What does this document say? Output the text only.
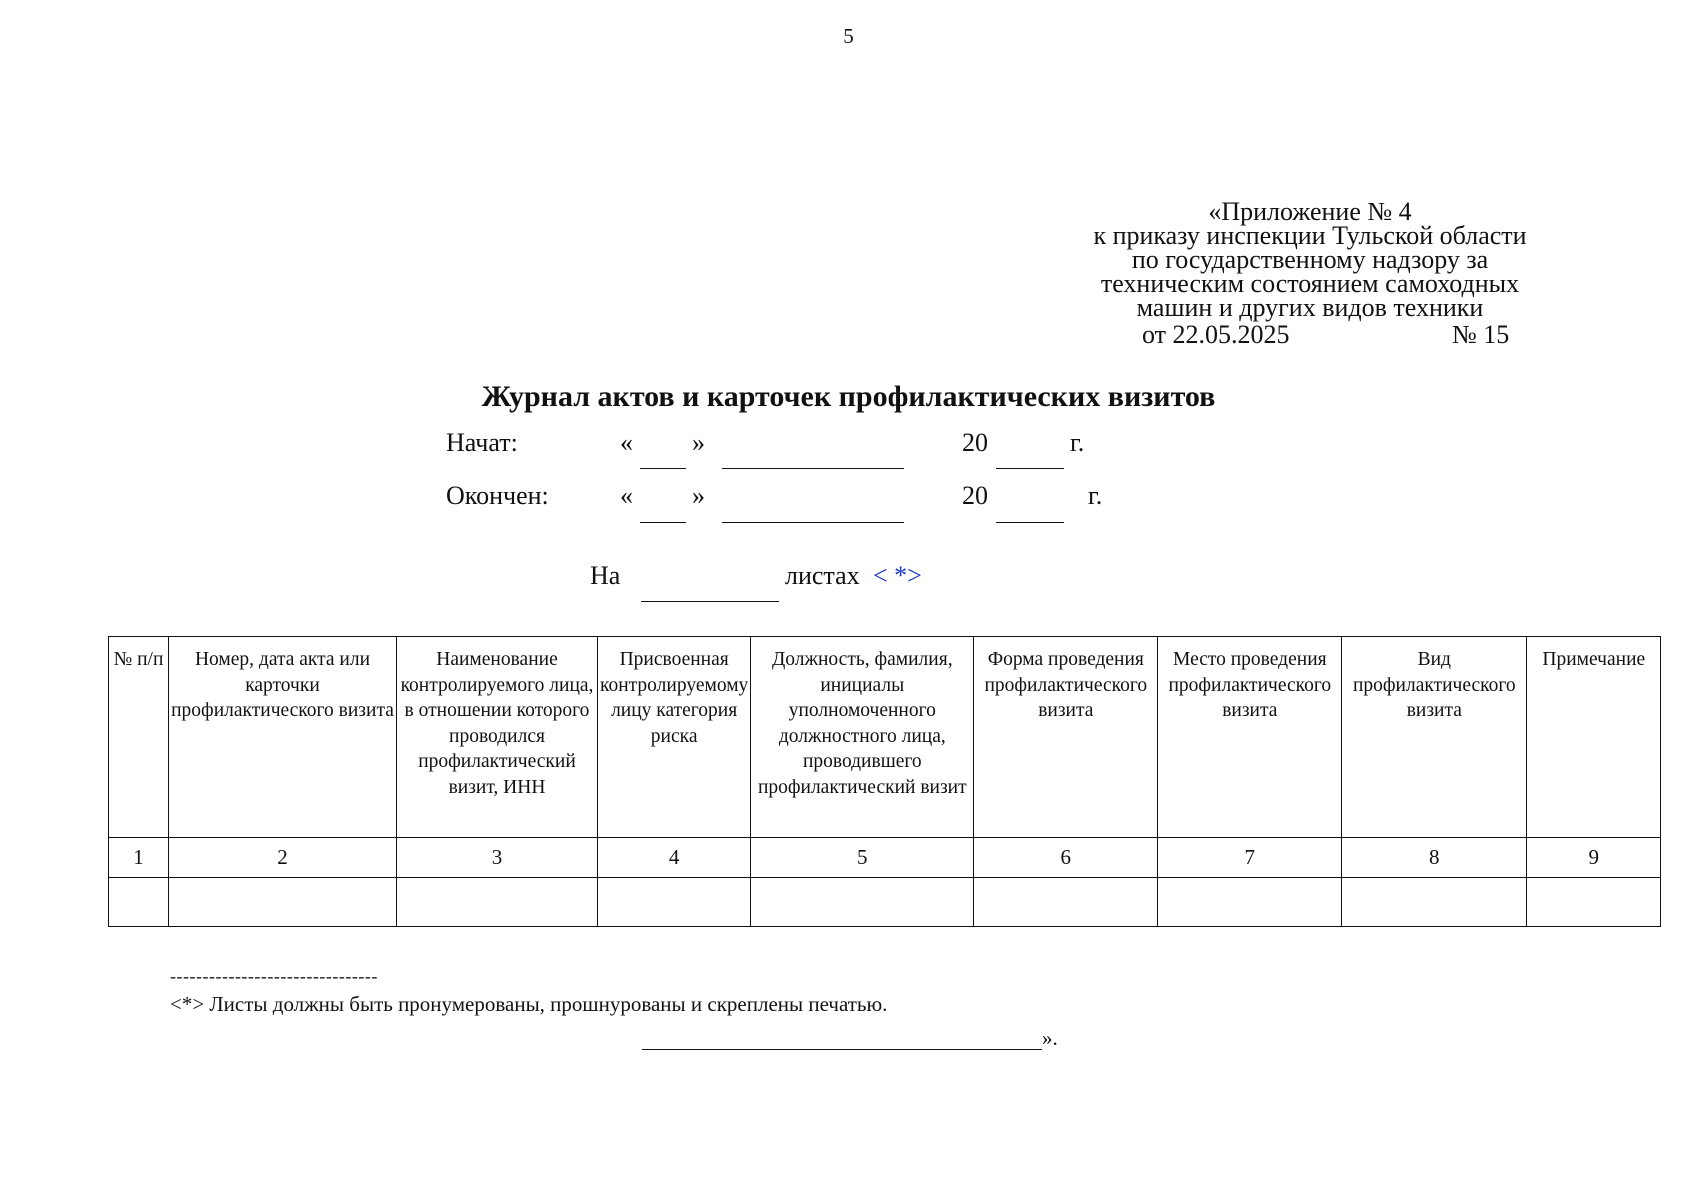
5
«Приложение № 4
к приказу инспекции Тульской области
по государственному надзору за
техническим состоянием самоходных
машин и других видов техники
от 22.05.2025	№ 15
Журнал актов и карточек профилактических визитов
Начат:	« »	20	г.
Окончен:	« »	20	г.
На	листах < *>
№ п/п	Номер, дата акта или карточки профилактического визита	Наименование контролируемого лица, в отношении которого проводился профилактический визит, ИНН	Присвоенная контролируемому лицу категория риска	Должность, фамилия, инициалы уполномоченного должностного лица, проводившего профилактический визит	Форма проведения профилактического визита	Место проведения профилактического визита	Вид профилактического визита	Примечание
1	2	3	4	5	6	7	8	9

--------------------------------
<*> Листы должны быть пронумерованы, прошнурованы и скреплены печатью.
».
